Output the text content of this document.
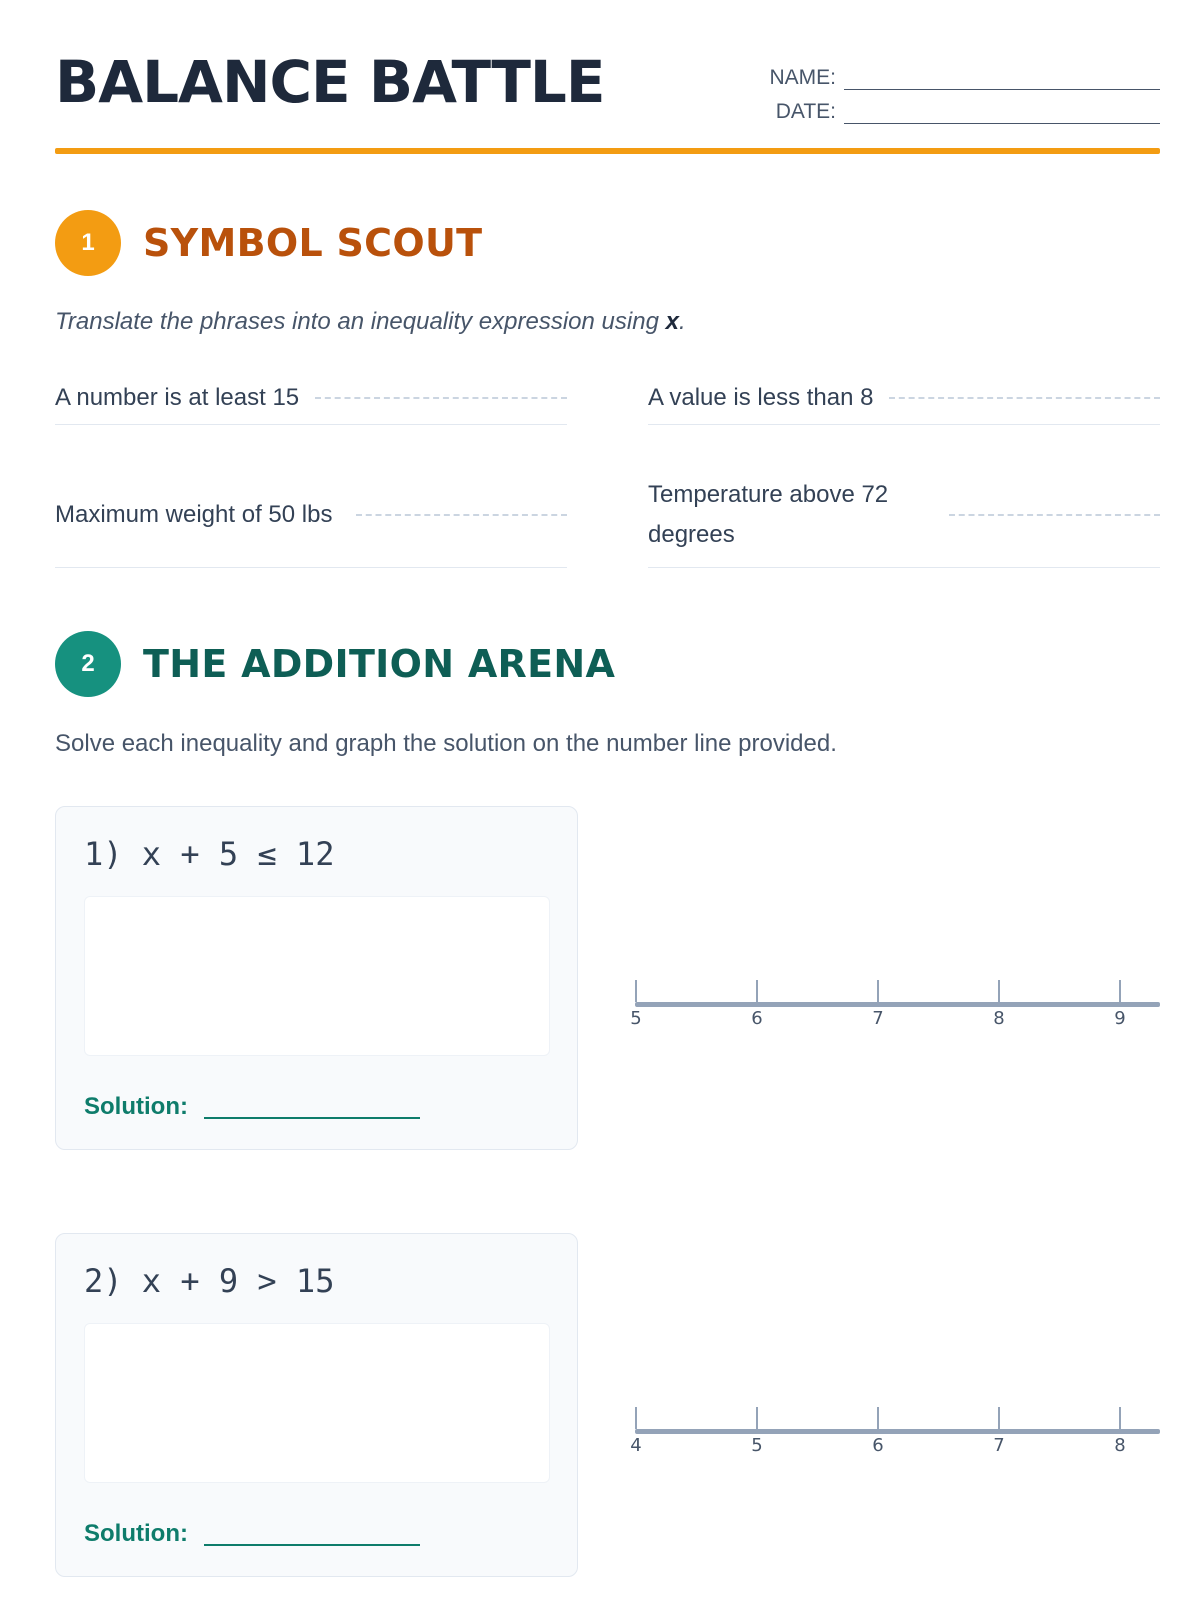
BALANCE BATTLE	NAME:
DATE:
1	SYMBOL SCOUT

Translate the phrases into an inequality expression using x.

A number is at least 15	A value is less than 8
Maximum weight of 50 lbs
Temperature above 72 degrees
2	THE ADDITION ARENA

Solve each inequality and graph the solution on the number line provided.

1) x + 5 ≤ 12
Solution:
5	6	7	8	9
2) x + 9 > 15
Solution:
4	5	6	7	8
